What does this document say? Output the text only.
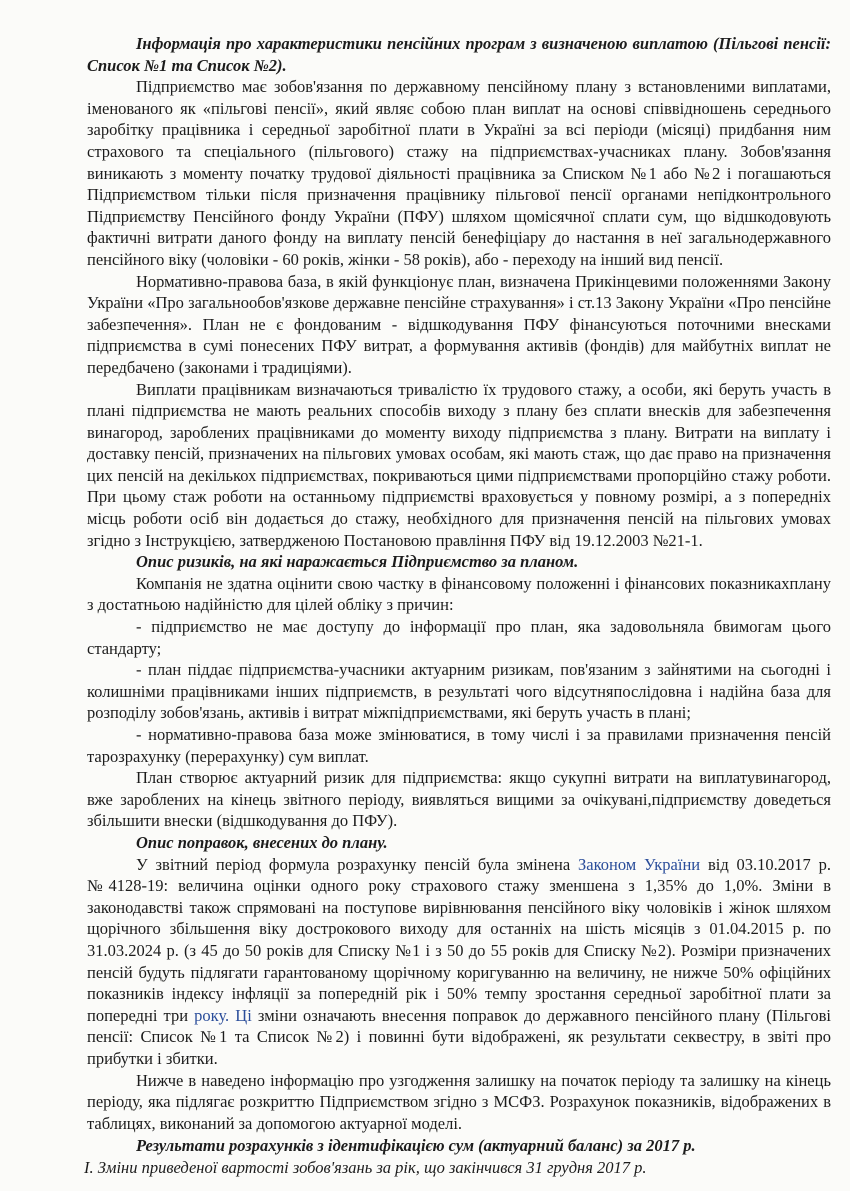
Інформація про характеристики пенсійних програм з визначеною виплатою (Пільгові пенсії: Список №1 та Список №2).

Підприємство має зобов'язання по державному пенсійному плану з встановленими виплатами, іменованого як «пільгові пенсії», який являє собою план виплат на основі співвідношень середнього заробітку працівника і середньої заробітної плати в Україні за всі періоди (місяці) придбання ним страхового та спеціального (пільгового) стажу на підприємствах-учасниках плану. Зобов'язання виникають з моменту початку трудової діяльності працівника за Списком №1 або №2 і погашаються Підприємством тільки після призначення працівнику пільгової пенсії органами непідконтрольного Підприємству Пенсійного фонду України (ПФУ) шляхом щомісячної сплати сум, що відшкодовують фактичні витрати даного фонду на виплату пенсій бенефіціару до настання в неї загальнодержавного пенсійного віку (чоловіки - 60 років, жінки - 58 років), або - переходу на інший вид пенсії.

Нормативно-правова база, в якій функціонує план, визначена Прикінцевими положеннями Закону України «Про загальнообов'язкове державне пенсійне страхування» і ст.13 Закону України «Про пенсійне забезпечення». План не є фондованим - відшкодування ПФУ фінансуються поточними внесками підприємства в сумі понесених ПФУ витрат, а формування активів (фондів) для майбутніх виплат не передбачено (законами і традиціями).

Виплати працівникам визначаються тривалістю їх трудового стажу, а особи, які беруть участь в плані підприємства не мають реальних способів виходу з плану без сплати внесків для забезпечення винагород, зароблених працівниками до моменту виходу підприємства з плану. Витрати на виплату і доставку пенсій, призначених на пільгових умовах особам, які мають стаж, що дає право на призначення цих пенсій на декількох підприємствах, покриваються цими підприємствами пропорційно стажу роботи. При цьому стаж роботи на останньому підприємстві враховується у повному розмірі, а з попередніх місць роботи осіб він додається до стажу, необхідного для призначення пенсій на пільгових умовах згідно з Інструкцією, затвердженою Постановою правління ПФУ від 19.12.2003 №21-1.

Опис ризиків, на які наражається Підприємство за планом.

Компанія не здатна оцінити свою частку в фінансовому положенні і фінансових показникахплану з достатньою надійністю для цілей обліку з причин:

- підприємство не має доступу до інформації про план, яка задовольняла бвимогам цього стандарту;

- план піддає підприємства-учасники актуарним ризикам, пов'язаним з зайнятими на сьогодні і колишніми працівниками інших підприємств, в результаті чого відсутняпослідовна і надійна база для розподілу зобов'язань, активів і витрат міжпідприємствами, які беруть участь в плані;

- нормативно-правова база може змінюватися, в тому числі і за правилами призначення пенсій тарозрахунку (перерахунку) сум виплат.

План створює актуарний ризик для підприємства: якщо сукупні витрати на виплатувинагород, вже зароблених на кінець звітного періоду, виявляться вищими за очікувані,підприємству доведеться збільшити внески (відшкодування до ПФУ).

Опис поправок, внесених до плану.

У звітний період формула розрахунку пенсій була змінена Законом України від 03.10.2017 р. №4128-19: величина оцінки одного року страхового стажу зменшена з 1,35% до 1,0%. Зміни в законодавстві також спрямовані на поступове вирівнювання пенсійного віку чоловіків і жінок шляхом щорічного збільшення віку дострокового виходу для останніх на шість місяців з 01.04.2015 р. по 31.03.2024 р. (з 45 до 50 років для Списку №1 і з 50 до 55 років для Списку №2). Розміри призначених пенсій будуть підлягати гарантованому щорічному коригуванню на величину, не нижче 50% офіційних показників індексу інфляції за попередній рік і 50% темпу зростання середньої заробітної плати за попередні три року. Ці зміни означають внесення поправок до державного пенсійного плану (Пільгові пенсії: Список №1 та Список №2) і повинні бути відображені, як результати секвестру, в звіті про прибутки і збитки.

Нижче в наведено інформацію про узгодження залишку на початок періоду та залишку на кінець періоду, яка підлягає розкриттю Підприємством згідно з МСФЗ. Розрахунок показників, відображених в таблицях, виконаний за допомогою актуарної моделі.

Результати розрахунків з ідентифікацією сум (актуарний баланс) за 2017 р.

І. Зміни приведеної вартості зобов'язань за рік, що закінчився 31 грудня 2017 р.
